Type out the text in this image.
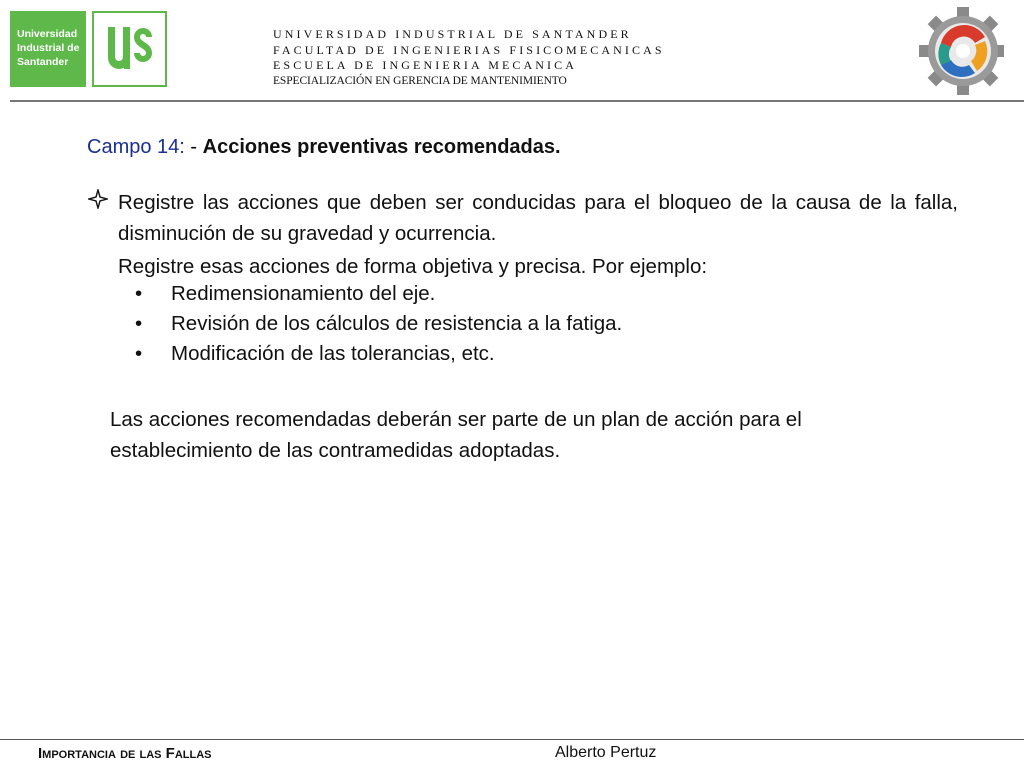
Universidad
Industrial de
Santander
UNIVERSIDAD INDUSTRIAL DE SANTANDER
FACULTAD DE INGENIERIAS FISICOMECANICAS
ESCUELA DE INGENIERIA MECANICA
ESPECIALIZACIÓN EN GERENCIA DE MANTENIMIENTO
Campo 14: - Acciones preventivas recomendadas.
Registre las acciones que deben ser conducidas para el bloqueo de la causa de la falla, disminución de su gravedad y ocurrencia.
Registre esas acciones de forma objetiva y precisa. Por ejemplo:
• Redimensionamiento del eje.
• Revisión de los cálculos de resistencia a la fatiga.
• Modificación de las tolerancias, etc.
Las acciones recomendadas deberán ser parte de un plan de acción para el establecimiento de las contramedidas adoptadas.
Importancia de las Fallas	Alberto Pertuz
